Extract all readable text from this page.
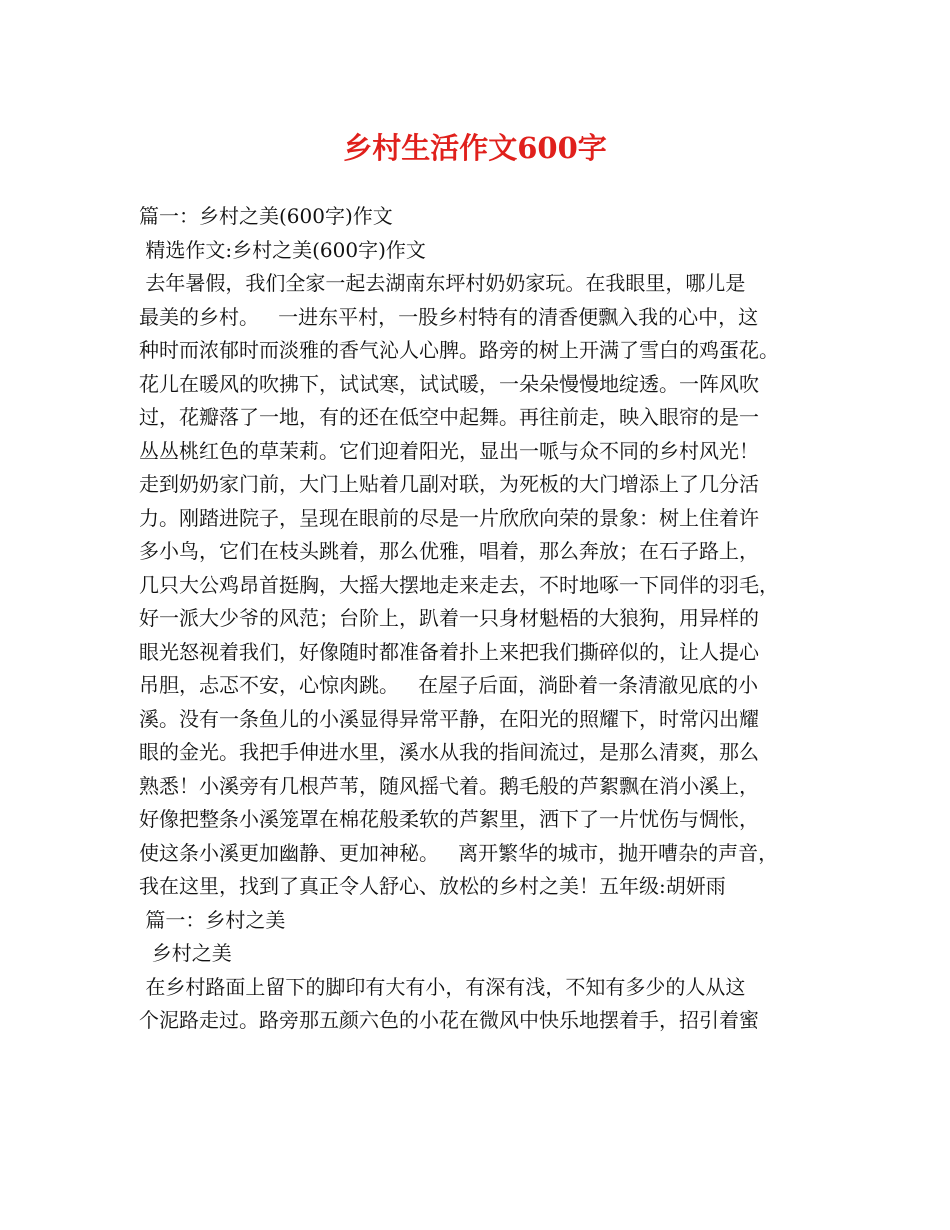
乡村生活作文600字
篇一：乡村之美(600字)作文
精选作文:乡村之美(600字)作文
去年暑假，我们全家一起去湖南东坪村奶奶家玩。在我眼里，哪儿是
最美的乡村。   一进东平村，一股乡村特有的清香便飘入我的心中，这
种时而浓郁时而淡雅的香气沁人心脾。路旁的树上开满了雪白的鸡蛋花。
花儿在暖风的吹拂下，试试寒，试试暖，一朵朵慢慢地绽透。一阵风吹
过，花瓣落了一地，有的还在低空中起舞。再往前走，映入眼帘的是一
丛丛桃红色的草茉莉。它们迎着阳光，显出一哌与众不同的乡村风光！
走到奶奶家门前，大门上贴着几副对联，为死板的大门增添上了几分活
力。刚踏进院子，呈现在眼前的尽是一片欣欣向荣的景象：树上住着许
多小鸟，它们在枝头跳着，那么优雅，唱着，那么奔放；在石子路上，
几只大公鸡昂首挺胸，大摇大摆地走来走去，不时地啄一下同伴的羽毛，
好一派大少爷的风范；台阶上，趴着一只身材魁梧的大狼狗，用异样的
眼光怒视着我们，好像随时都准备着扑上来把我们撕碎似的，让人提心
吊胆，忐忑不安，心惊肉跳。   在屋子后面，淌卧着一条清澈见底的小
溪。没有一条鱼儿的小溪显得异常平静，在阳光的照耀下，时常闪出耀
眼的金光。我把手伸进水里，溪水从我的指间流过，是那么清爽，那么
熟悉！小溪旁有几根芦苇，随风摇弋着。鹅毛般的芦絮飘在消小溪上，
好像把整条小溪笼罩在棉花般柔软的芦絮里，洒下了一片忧伤与惆怅，
使这条小溪更加幽静、更加神秘。   离开繁华的城市，抛开嘈杂的声音，
我在这里，找到了真正令人舒心、放松的乡村之美！五年级:胡妍雨
篇一：乡村之美
乡村之美
在乡村路面上留下的脚印有大有小，有深有浅，不知有多少的人从这
个泥路走过。路旁那五颜六色的小花在微风中快乐地摆着手，招引着蜜
